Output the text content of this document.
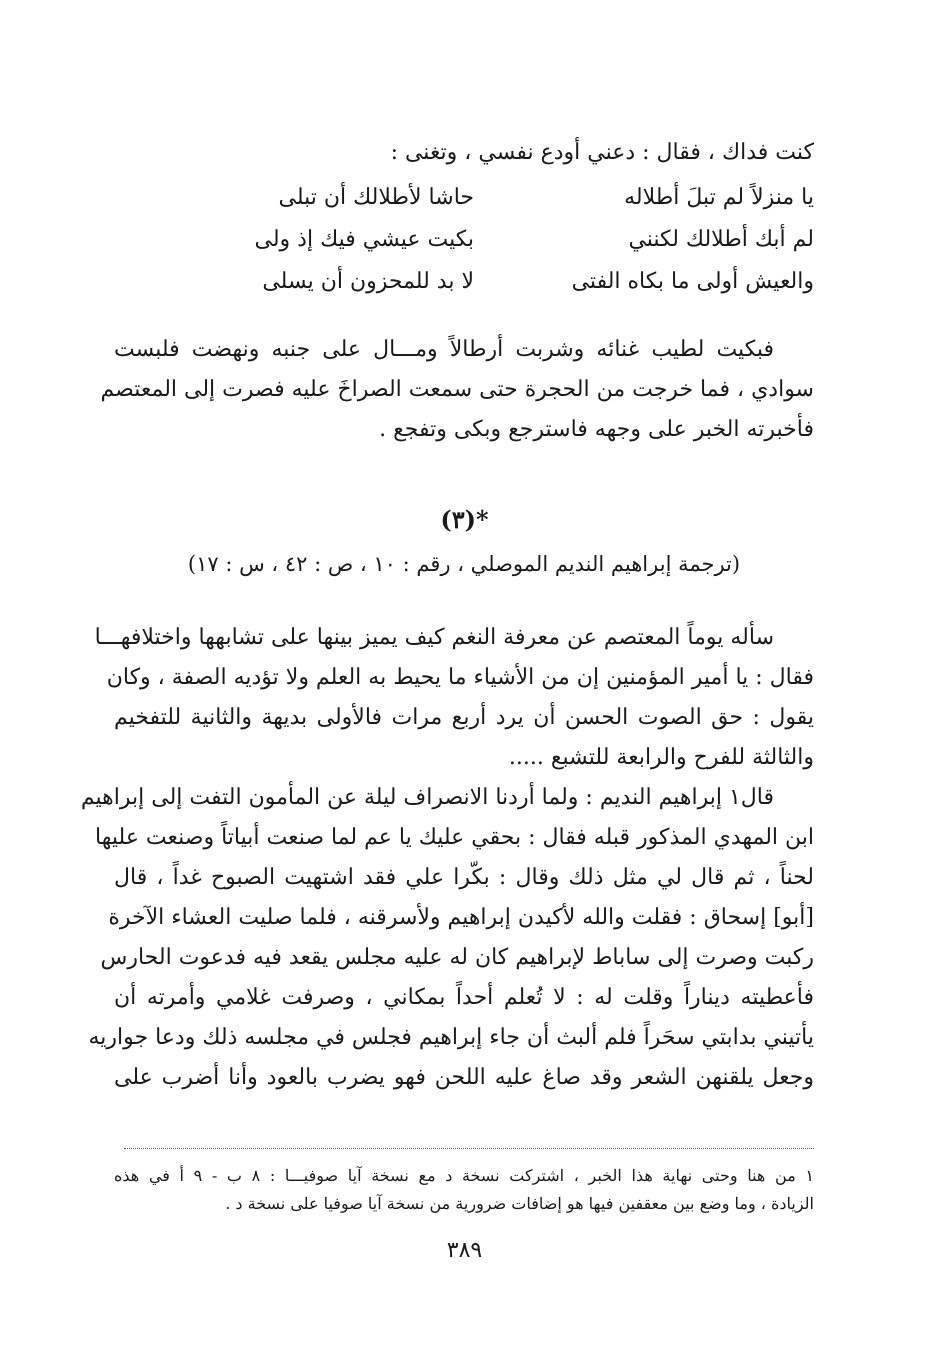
كنت فداك ، فقال : دعني أودع نفسي ، وتغنى :
يا منزلاً لم تبلَ أطلاله
حاشا لأطلالك أن تبلى
لم أبك أطلالك لكنني
بكيت عيشي فيك إذ ولى
والعيش أولى ما بكاه الفتى
لا بد للمحزون أن يسلى
فبكيت لطيب غنائه وشربت أرطالاً ومـــال على جنبه ونهضت فلبست
سوادي ، فما خرجت من الحجرة حتى سمعت الصراخَ عليه فصرت إلى المعتصم
فأخبرته الخبر على وجهه فاسترجع وبكى وتفجع .
(٣)*
(ترجمة إبراهيم النديم الموصلي ، رقم : ١٠ ، ص : ٤٢ ، س : ١٧)
سأله يوماً المعتصم عن معرفة النغم كيف يميز بينها على تشابهها واختلافهـــا
فقال : يا أمير المؤمنين إن من الأشياء ما يحيط به العلم ولا تؤديه الصفة ، وكان
يقول : حق الصوت الحسن أن يرد أربع مرات فالأولى بديهة والثانية للتفخيم
والثالثة للفرح والرابعة للتشبع .....
قال١ إبراهيم النديم : ولما أردنا الانصراف ليلة عن المأمون التفت إلى إبراهيم
ابن المهدي المذكور قبله فقال : بحقي عليك يا عم لما صنعت أبياتاً وصنعت عليها
لحناً ، ثم قال لي مثل ذلك وقال : بكّرا علي فقد اشتهيت الصبوح غداً ، قال
[أبو] إسحاق : فقلت والله لأكيدن إبراهيم ولأسرقنه ، فلما صليت العشاء الآخرة
ركبت وصرت إلى ساباط لإبراهيم كان له عليه مجلس يقعد فيه فدعوت الحارس
فأعطيته ديناراً وقلت له : لا تُعلم أحداً بمكاني ، وصرفت غلامي وأمرته أن
يأتيني بدابتي سحَراً فلم ألبث أن جاء إبراهيم فجلس في مجلسه ذلك ودعا جواريه
وجعل يلقنهن الشعر وقد صاغ عليه اللحن فهو يضرب بالعود وأنا أضرب على
١ من هنا وحتى نهاية هذا الخبر ، اشتركت نسخة د مع نسخة آيا صوفيـــا : ٨ ب - ٩ أ في هذه
الزيادة ، وما وضع بين معقفين فيها هو إضافات ضرورية من نسخة آيا صوفيا على نسخة د .
٣٨٩
